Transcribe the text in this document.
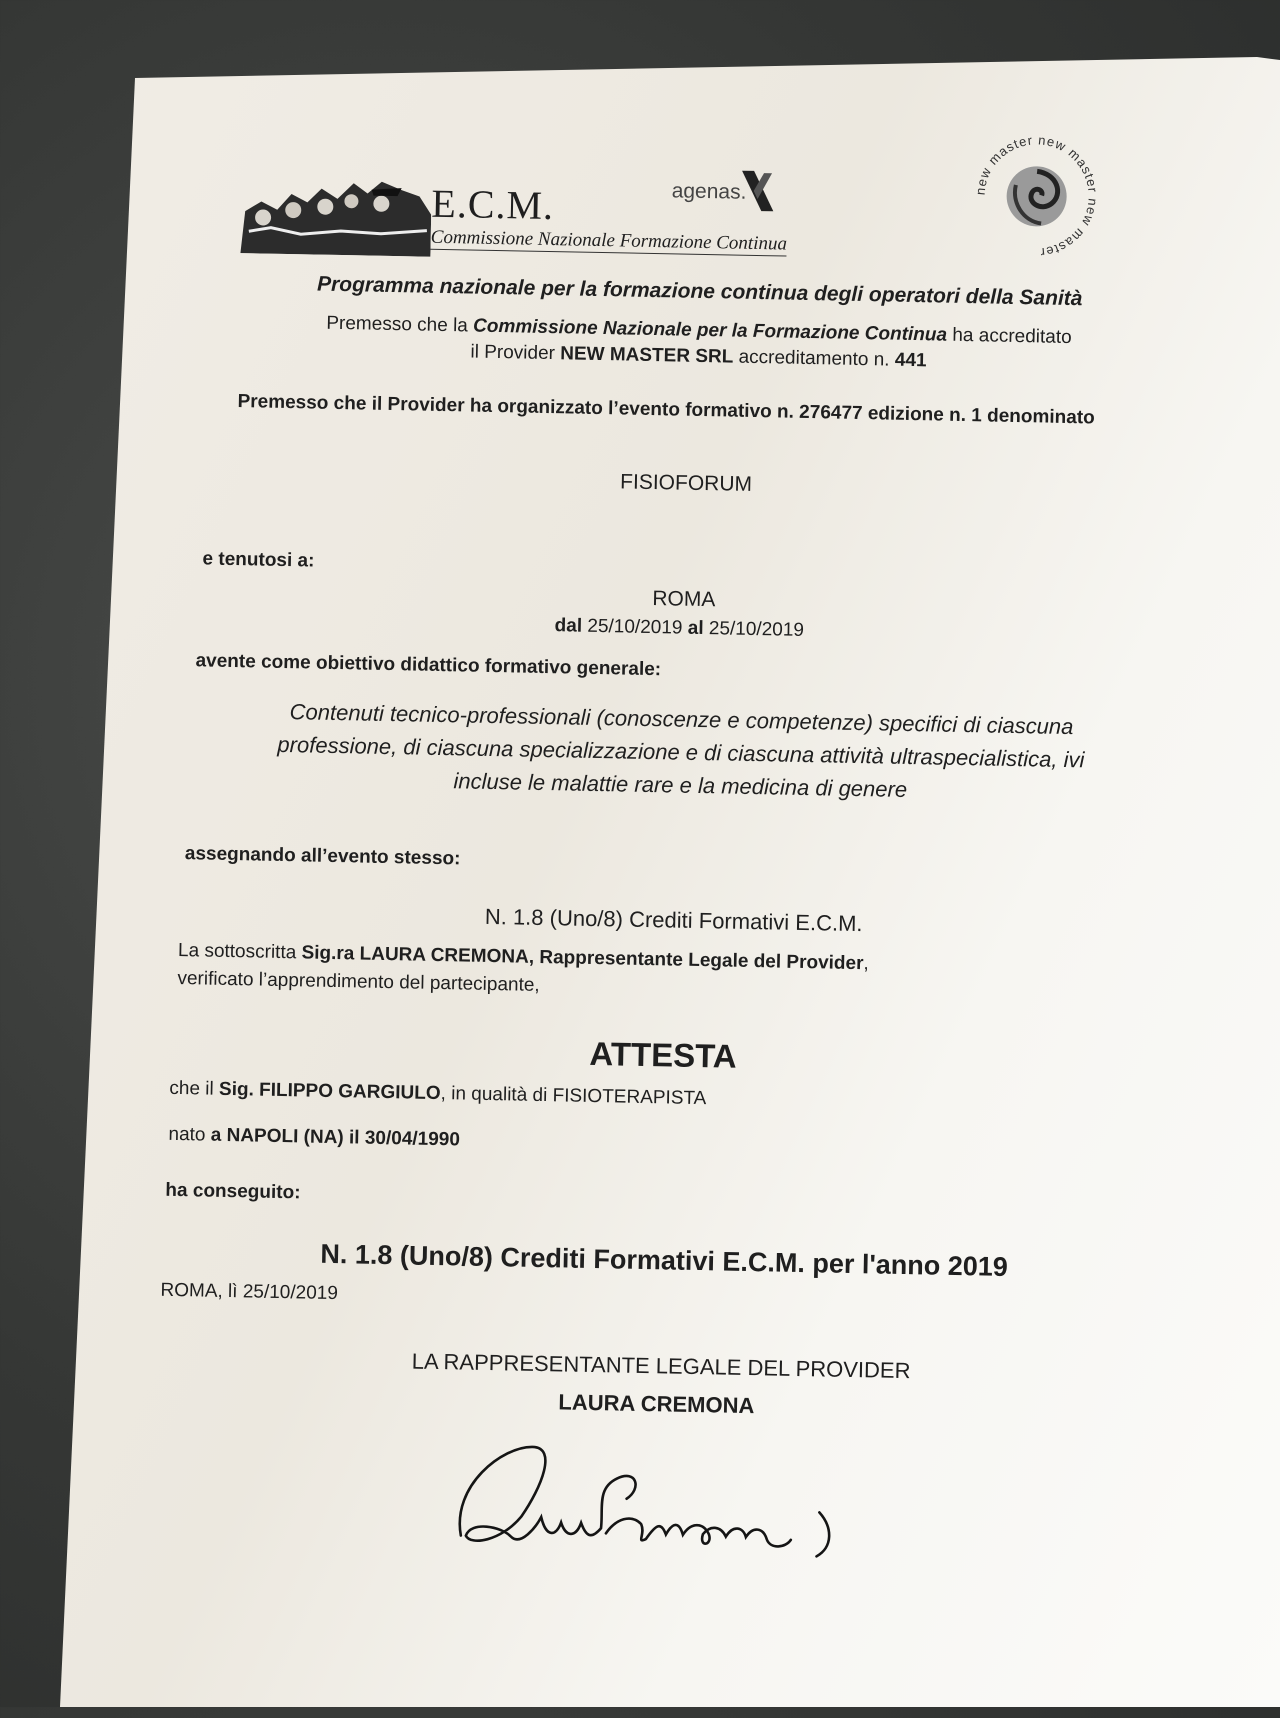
E.C.M.
Commissione Nazionale Formazione Continua
agenas.	new master new master new master
Programma nazionale per la formazione continua degli operatori della Sanità
Premesso che la Commissione Nazionale per la Formazione Continua ha accreditato
il Provider NEW MASTER SRL accreditamento n. 441
Premesso che il Provider ha organizzato l’evento formativo n. 276477 edizione n. 1 denominato
FISIOFORUM
e tenutosi a:
ROMA
dal 25/10/2019 al 25/10/2019
avente come obiettivo didattico formativo generale:
Contenuti tecnico-professionali (conoscenze e competenze) specifici di ciascuna
professione, di ciascuna specializzazione e di ciascuna attività ultraspecialistica, ivi
incluse le malattie rare e la medicina di genere
assegnando all’evento stesso:
N. 1.8 (Uno/8) Crediti Formativi E.C.M.
La sottoscritta Sig.ra LAURA CREMONA, Rappresentante Legale del Provider,
verificato l’apprendimento del partecipante,
ATTESTA
che il Sig. FILIPPO GARGIULO, in qualità di FISIOTERAPISTA
nato a NAPOLI (NA) il 30/04/1990
ha conseguito:
N. 1.8 (Uno/8) Crediti Formativi E.C.M. per l'anno 2019
ROMA, lì 25/10/2019
LA RAPPRESENTANTE LEGALE DEL PROVIDER
LAURA CREMONA
